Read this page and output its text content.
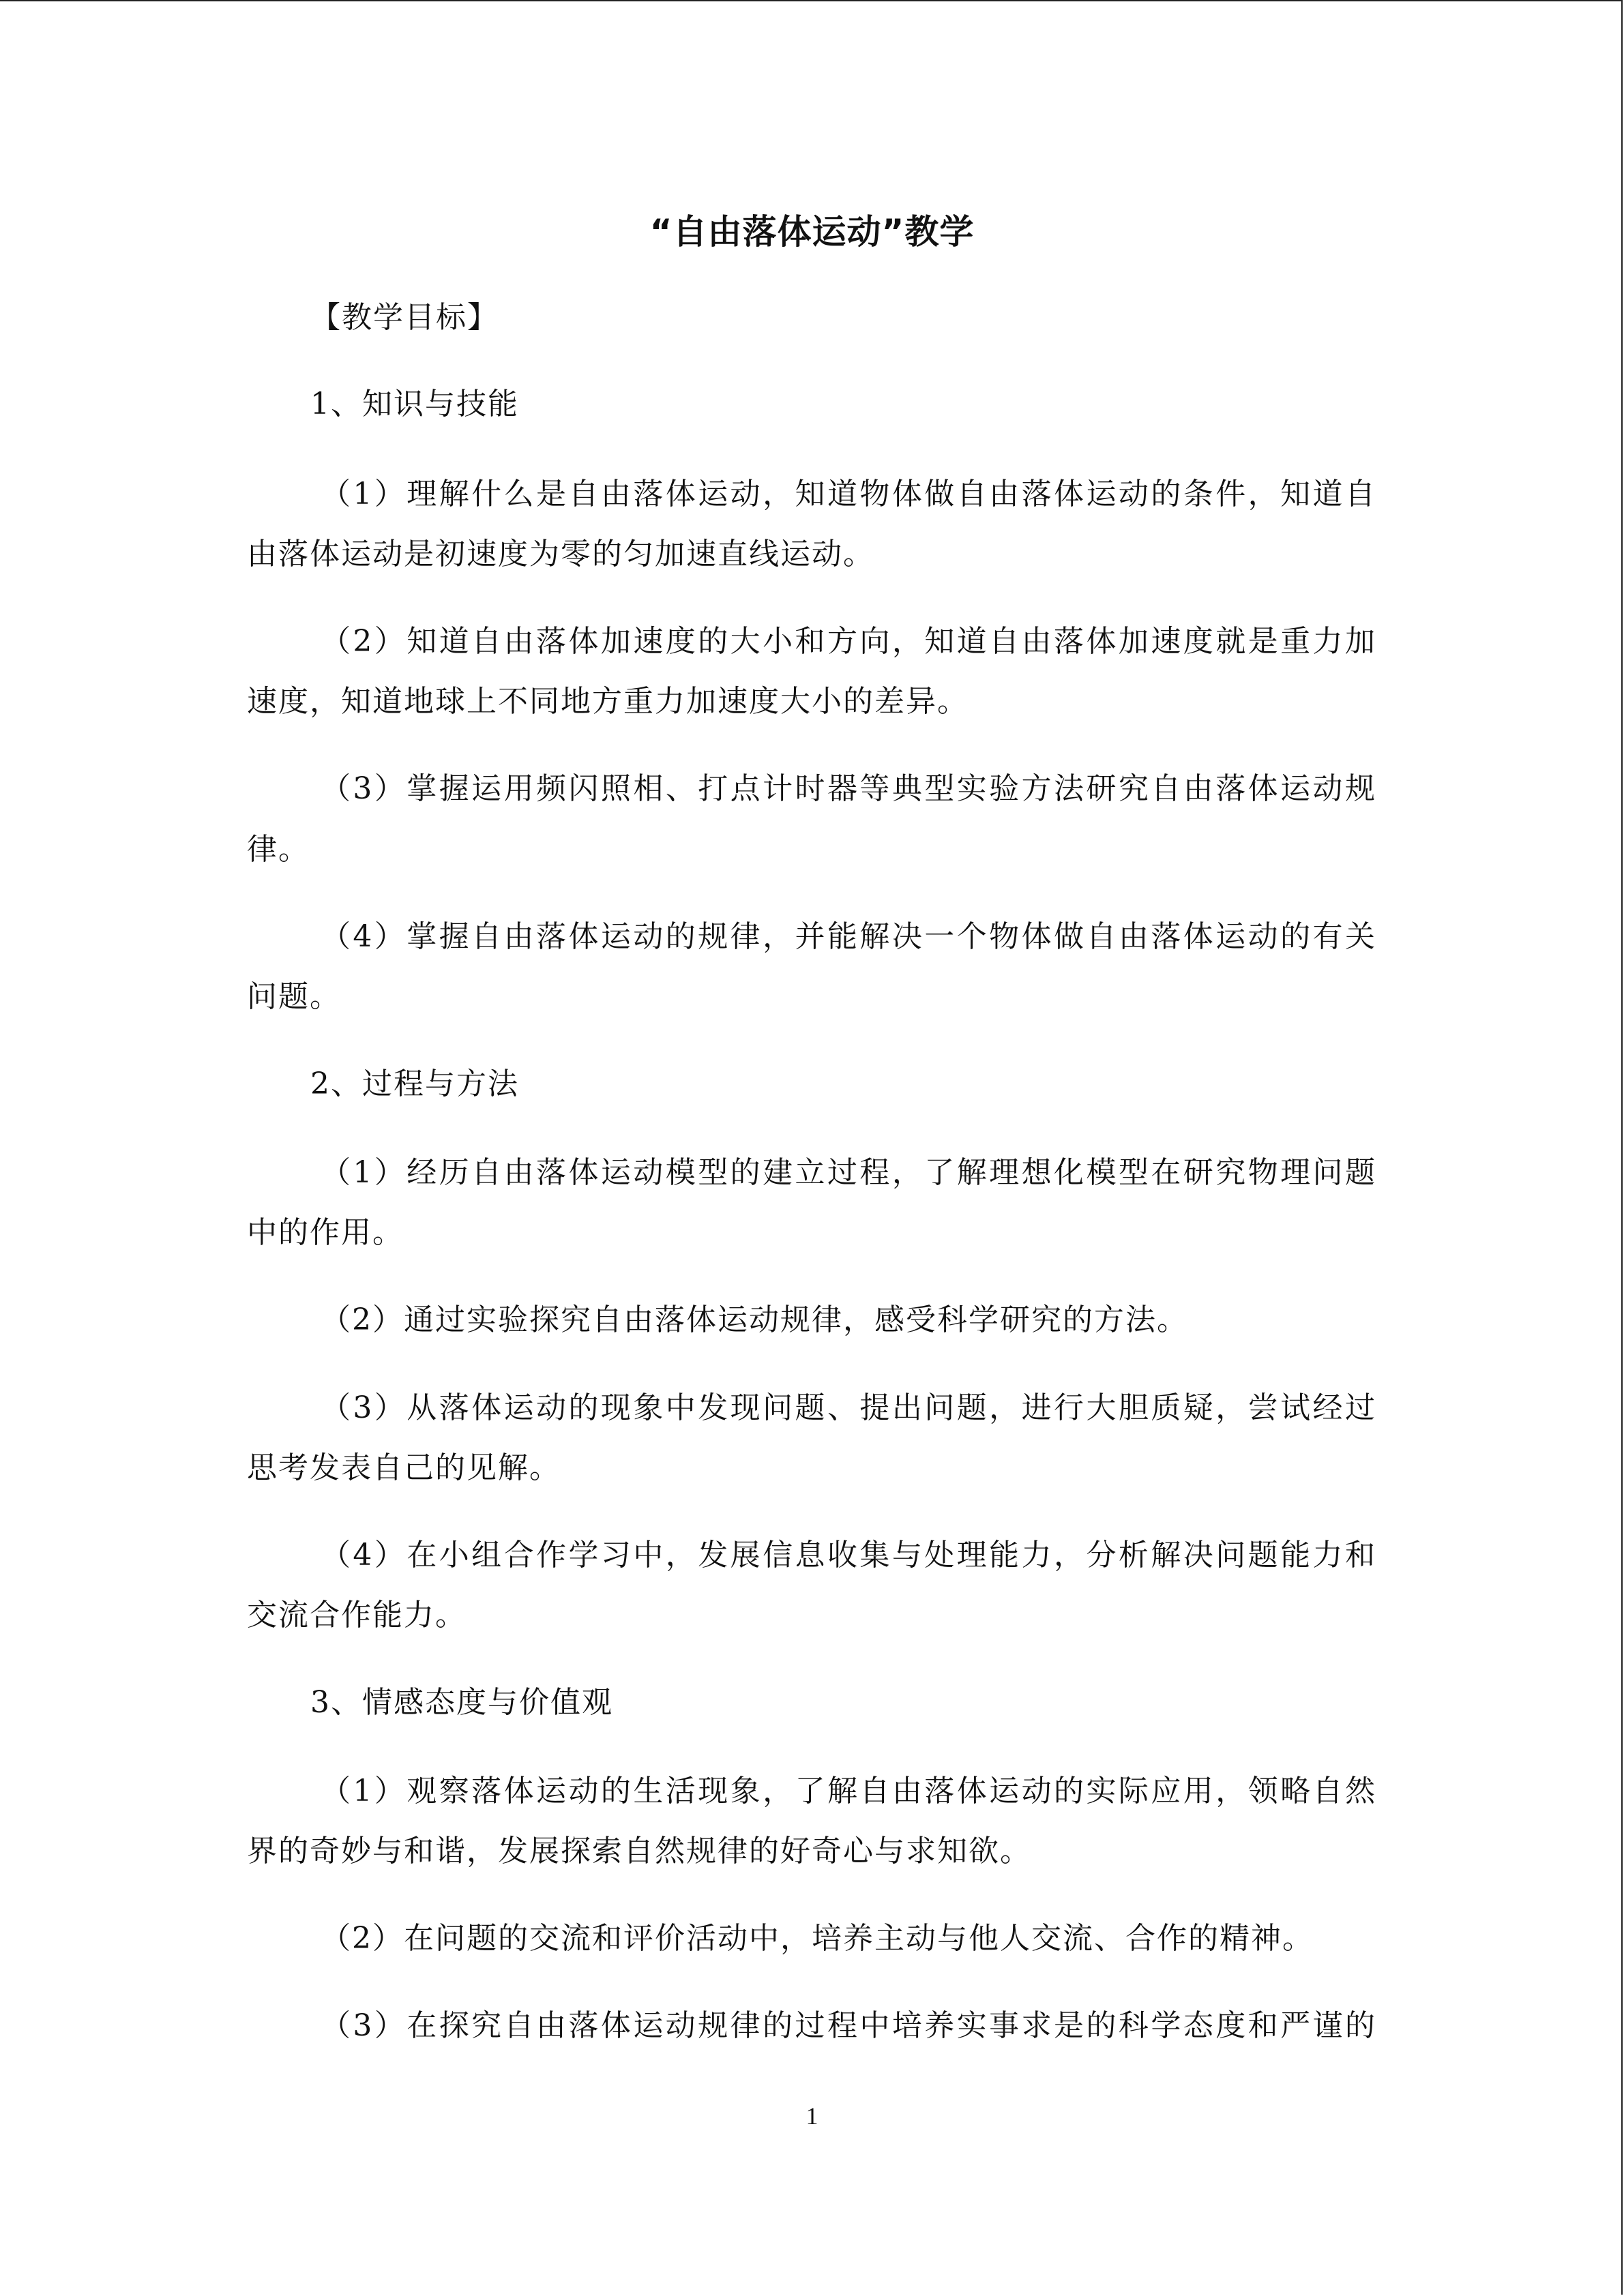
“自由落体运动”教学
【教学目标】
1、知识与技能
（1）理解什么是自由落体运动，知道物体做自由落体运动的条件，知道自
由落体运动是初速度为零的匀加速直线运动。
（2）知道自由落体加速度的大小和方向，知道自由落体加速度就是重力加
速度，知道地球上不同地方重力加速度大小的差异。
（3）掌握运用频闪照相、打点计时器等典型实验方法研究自由落体运动规
律。
（4）掌握自由落体运动的规律，并能解决一个物体做自由落体运动的有关
问题。
2、过程与方法
（1）经历自由落体运动模型的建立过程，了解理想化模型在研究物理问题
中的作用。
（2）通过实验探究自由落体运动规律，感受科学研究的方法。
（3）从落体运动的现象中发现问题、提出问题，进行大胆质疑，尝试经过
思考发表自己的见解。
（4）在小组合作学习中，发展信息收集与处理能力，分析解决问题能力和
交流合作能力。
3、情感态度与价值观
（1）观察落体运动的生活现象，了解自由落体运动的实际应用，领略自然
界的奇妙与和谐，发展探索自然规律的好奇心与求知欲。
（2）在问题的交流和评价活动中，培养主动与他人交流、合作的精神。
（3）在探究自由落体运动规律的过程中培养实事求是的科学态度和严谨的
1
